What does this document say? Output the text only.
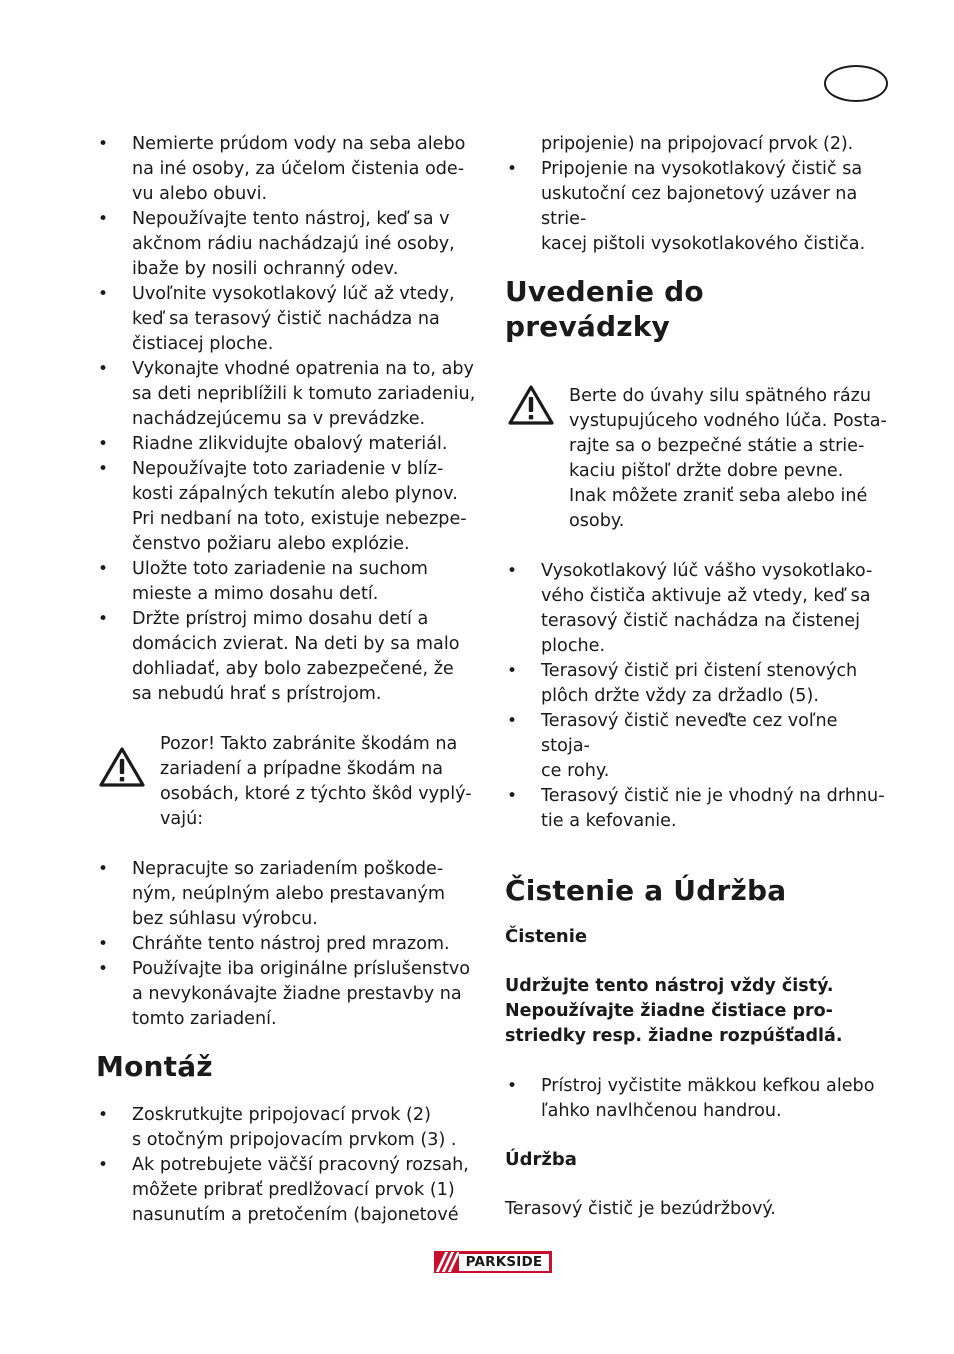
• Nemierte prúdom vody na seba alebo
na iné osoby, za účelom čistenia ode-
vu alebo obuvi.
• Nepoužívajte tento nástroj, keď sa v
akčnom rádiu nachádzajú iné osoby,
ibaže by nosili ochranný odev.
• Uvoľnite vysokotlakový lúč až vtedy,
keď sa terasový čistič nachádza na
čistiacej ploche.
• Vykonajte vhodné opatrenia na to, aby
sa deti nepriblížili k tomuto zariadeniu,
nachádzejúcemu sa v prevádzke.
• Riadne zlikvidujte obalový materiál.
• Nepoužívajte toto zariadenie v blíz-
kosti zápalných tekutín alebo plynov.
Pri nedbaní na toto, existuje nebezpe-
čenstvo požiaru alebo explózie.
• Uložte toto zariadenie na suchom
mieste a mimo dosahu detí.
• Držte prístroj mimo dosahu detí a
domácich zvierat. Na deti by sa malo
dohliadať, aby bolo zabezpečené, že
sa nebudú hrať s prístrojom.
Pozor! Takto zabránite škodám na
zariadení a prípadne škodám na
osobách, ktoré z týchto škôd vyplý-
vajú:
• Nepracujte so zariadením poškode-
ným, neúplným alebo prestavaným
bez súhlasu výrobcu.
• Chráňte tento nástroj pred mrazom.
• Používajte iba originálne príslušenstvo
a nevykonávajte žiadne prestavby na
tomto zariadení.
Montáž
• Zoskrutkujte pripojovací prvok (2)
s otočným pripojovacím prvkom (3) .
• Ak potrebujete väčší pracovný rozsah,
môžete pribrať predlžovací prvok (1)
nasunutím a pretočením (bajonetové
pripojenie) na pripojovací prvok (2).
• Pripojenie na vysokotlakový čistič sa
uskutoční cez bajonetový uzáver na strie-
kacej pištoli vysokotlakového čističa.
Uvedenie do
prevádzky
Berte do úvahy silu spätného rázu
vystupujúceho vodného lúča. Posta-
rajte sa o bezpečné státie a strie-
kaciu pištoľ držte dobre pevne.
Inak môžete zraniť seba alebo iné
osoby.
• Vysokotlakový lúč vášho vysokotlako-
vého čističa aktivuje až vtedy, keď sa
terasový čistič nachádza na čistenej
ploche.
• Terasový čistič pri čistení stenových
plôch držte vždy za držadlo (5).
• Terasový čistič neveďte cez voľne stoja-
ce rohy.
• Terasový čistič nie je vhodný na drhnu-
tie a kefovanie.
Čistenie a Údržba
Čistenie

Udržujte tento nástroj vždy čistý.
Nepoužívajte žiadne čistiace pro-
striedky resp. žiadne rozpúšťadlá.

• Prístroj vyčistite mäkkou kefkou alebo
ľahko navlhčenou handrou.
Údržba

Terasový čistič je bezúdržbový.

PARKSIDE
